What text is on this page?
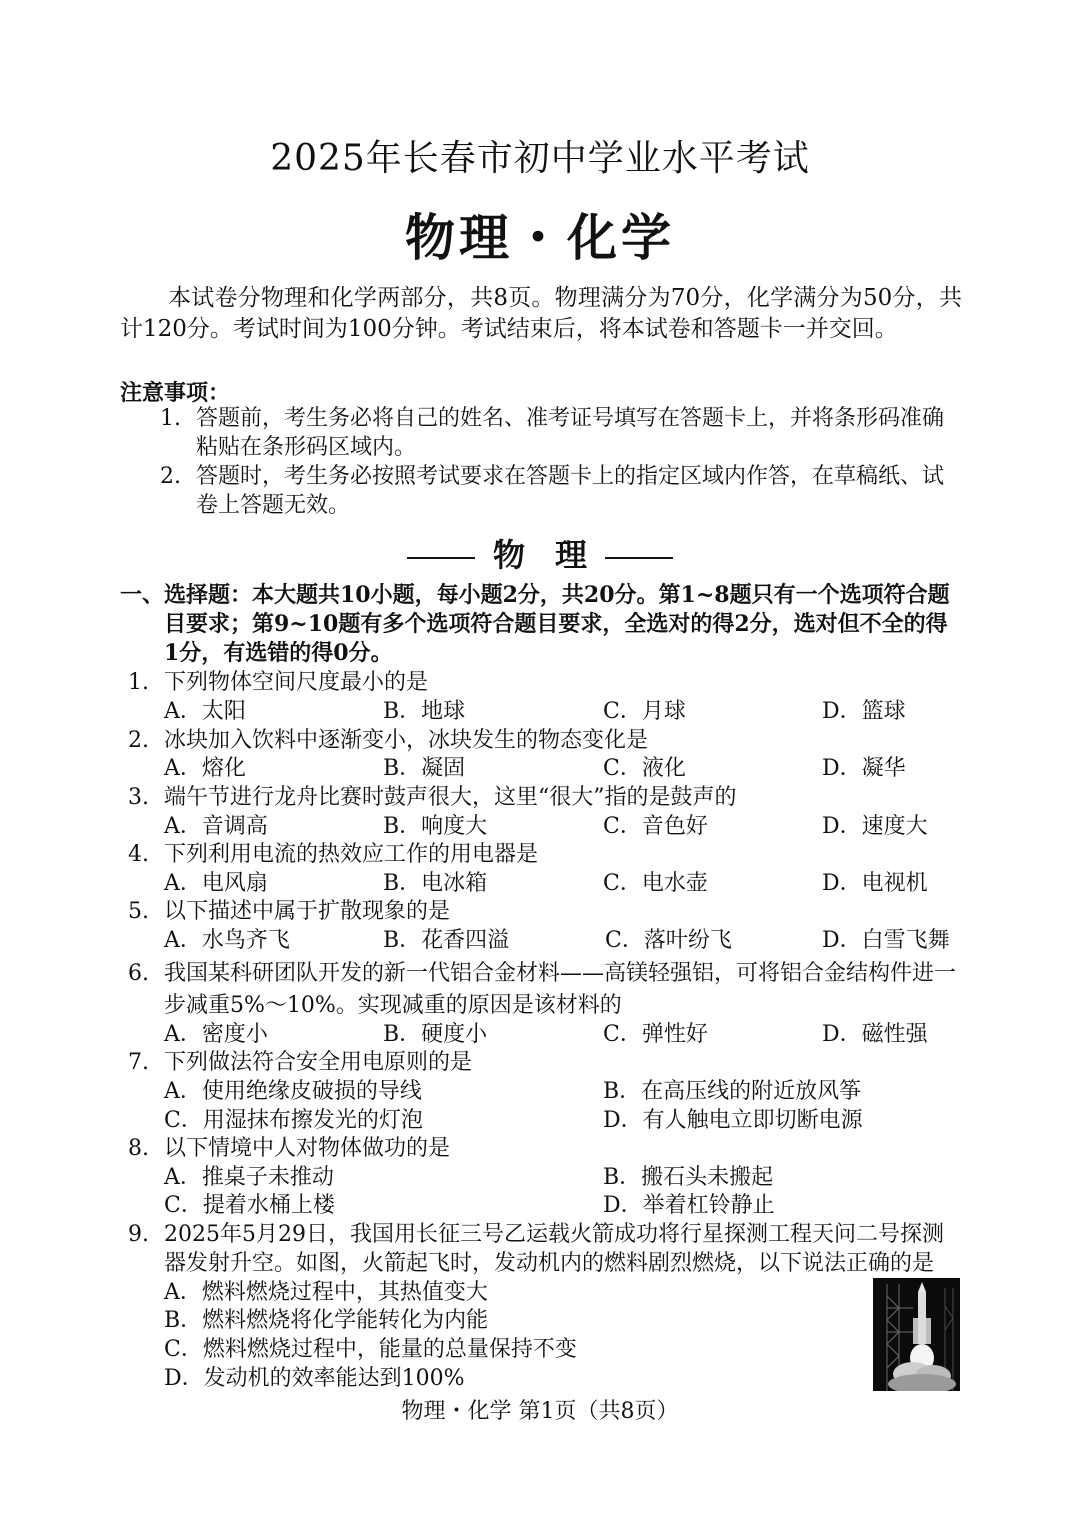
2025年长春市初中学业水平考试
物理・化学
本试卷分物理和化学两部分，共8页。物理满分为70分，化学满分为50分，共计120分。考试时间为100分钟。考试结束后，将本试卷和答题卡一并交回。
注意事项：
1. 答题前，考生务必将自己的姓名、准考证号填写在答题卡上，并将条形码准确粘贴在条形码区域内。
2. 答题时，考生务必按照考试要求在答题卡上的指定区域内作答，在草稿纸、试卷上答题无效。
物理
一、 选择题：本大题共10小题，每小题2分，共20分。第1~8题只有一个选项符合题目要求；第9~10题有多个选项符合题目要求，全选对的得2分，选对但不全的得1分，有选错的得0分。
1. 下列物体空间尺度最小的是
A．太阳	B．地球	C．月球	D．篮球
2. 冰块加入饮料中逐渐变小，冰块发生的物态变化是
A．熔化	B．凝固	C．液化	D．凝华
3. 端午节进行龙舟比赛时鼓声很大，这里“很大”指的是鼓声的
A．音调高	B．响度大	C．音色好	D．速度大
4. 下列利用电流的热效应工作的用电器是
A．电风扇	B．电冰箱	C．电水壶	D．电视机
5. 以下描述中属于扩散现象的是
A．水鸟齐飞	B．花香四溢	C．落叶纷飞	D．白雪飞舞
6. 我国某科研团队开发的新一代铝合金材料——高镁轻强铝，可将铝合金结构件进一步减重5%～10%。实现减重的原因是该材料的
A．密度小	B．硬度小	C．弹性好	D．磁性强
7. 下列做法符合安全用电原则的是
A．使用绝缘皮破损的导线	B．在高压线的附近放风筝
C．用湿抹布擦发光的灯泡	D．有人触电立即切断电源
8. 以下情境中人对物体做功的是
A．推桌子未推动	B．搬石头未搬起
C．提着水桶上楼	D．举着杠铃静止
9. 2025年5月29日，我国用长征三号乙运载火箭成功将行星探测工程天问二号探测器发射升空。如图，火箭起飞时，发动机内的燃料剧烈燃烧，以下说法正确的是
A．燃料燃烧过程中，其热值变大
B．燃料燃烧将化学能转化为内能
C．燃料燃烧过程中，能量的总量保持不变
D．发动机的效率能达到100%
物理・化学 第1页（共8页）
